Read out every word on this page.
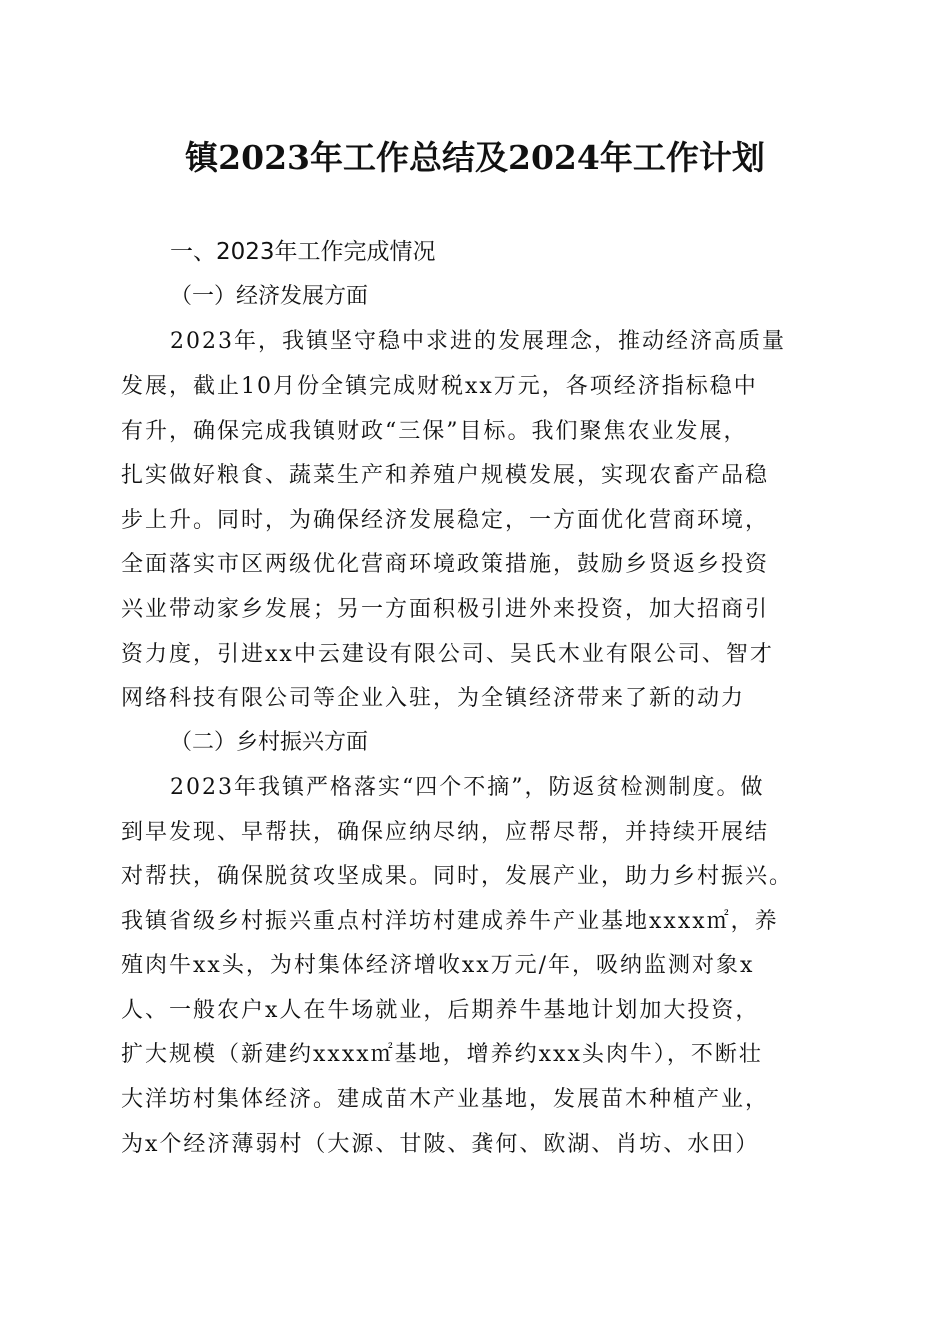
镇2023年工作总结及2024年工作计划
一、2023年工作完成情况
（一）经济发展方面
2023年，我镇坚守稳中求进的发展理念，推动经济高质量
发展，截止10月份全镇完成财税xx万元，各项经济指标稳中
有升，确保完成我镇财政“三保”目标。我们聚焦农业发展，
扎实做好粮食、蔬菜生产和养殖户规模发展，实现农畜产品稳
步上升。同时，为确保经济发展稳定，一方面优化营商环境，
全面落实市区两级优化营商环境政策措施，鼓励乡贤返乡投资
兴业带动家乡发展；另一方面积极引进外来投资，加大招商引
资力度，引进xx中云建设有限公司、吴氏木业有限公司、智才
网络科技有限公司等企业入驻，为全镇经济带来了新的动力
（二）乡村振兴方面
2023年我镇严格落实“四个不摘”，防返贫检测制度。做
到早发现、早帮扶，确保应纳尽纳，应帮尽帮，并持续开展结
对帮扶，确保脱贫攻坚成果。同时，发展产业，助力乡村振兴。
我镇省级乡村振兴重点村洋坊村建成养牛产业基地xxxx㎡，养
殖肉牛xx头，为村集体经济增收xx万元/年，吸纳监测对象x
人、一般农户x人在牛场就业，后期养牛基地计划加大投资，
扩大规模（新建约xxxx㎡基地，增养约xxx头肉牛），不断壮
大洋坊村集体经济。建成苗木产业基地，发展苗木种植产业，
为x个经济薄弱村（大源、甘陂、龚何、欧湖、肖坊、水田）
